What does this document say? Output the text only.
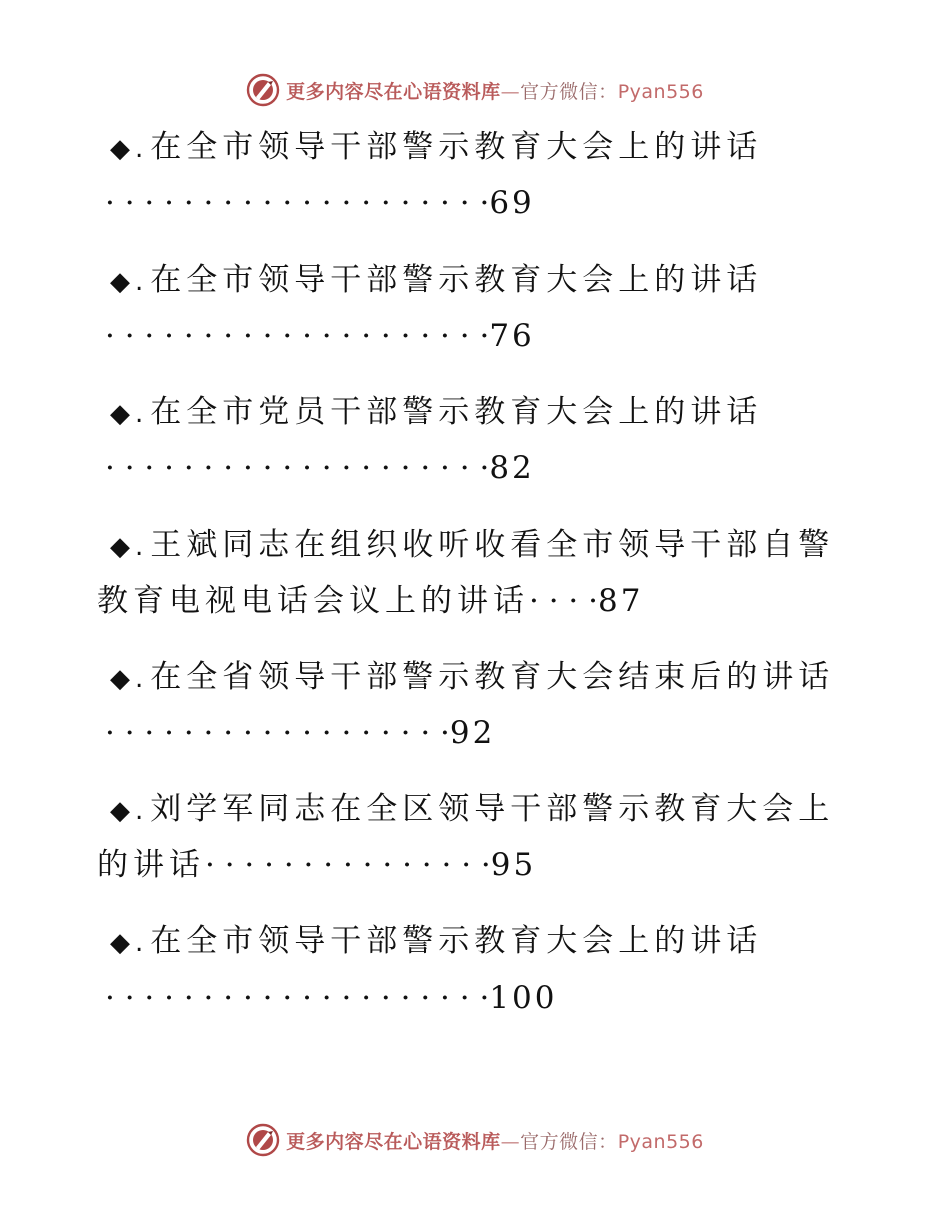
更多内容尽在心语资料库—官方微信：Pyan556
◆.在全市领导干部警示教育大会上的讲话
· · · · · · · · · · · · · · · · · · · ·69
◆.在全市领导干部警示教育大会上的讲话
· · · · · · · · · · · · · · · · · · · ·76
◆.在全市党员干部警示教育大会上的讲话
· · · · · · · · · · · · · · · · · · · ·82
◆.王斌同志在组织收听收看全市领导干部自警
教育电视电话会议上的讲话· · · ·87
◆.在全省领导干部警示教育大会结束后的讲话
· · · · · · · · · · · · · · · · · ·92
◆.刘学军同志在全区领导干部警示教育大会上
的讲话· · · · · · · · · · · · · · ·95
◆.在全市领导干部警示教育大会上的讲话
· · · · · · · · · · · · · · · · · · · ·100
更多内容尽在心语资料库—官方微信：Pyan556
